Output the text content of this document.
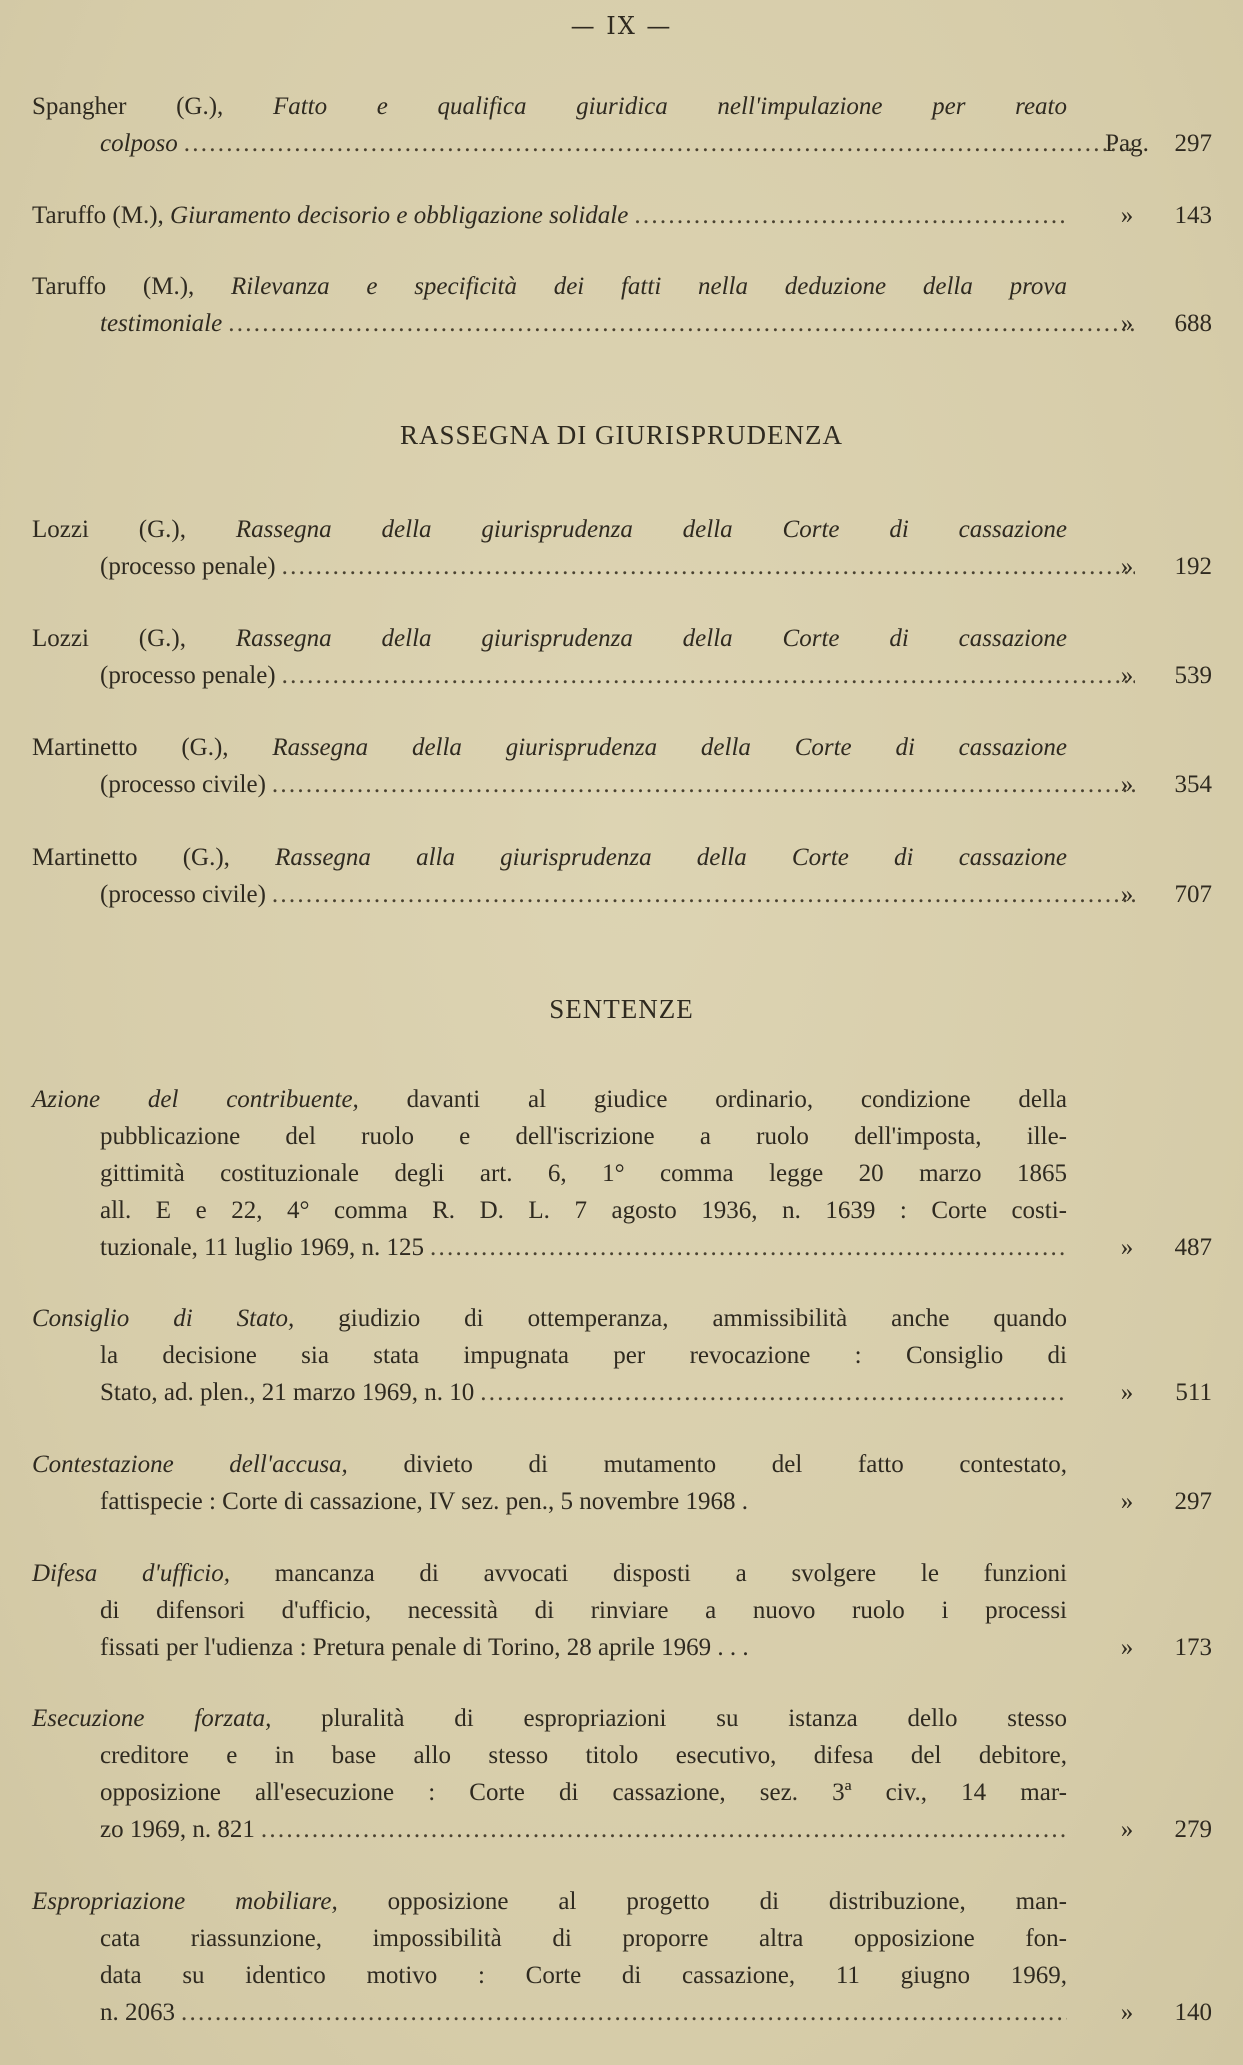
— IX —
Spangher (G.), Fatto e qualifica giuridica nell'impulazione per reato
colposo . . .	Pag. 297
Taruffo (M.), Giuramento decisorio e obbligazione solidale . . .	» 143
Taruffo (M.), Rilevanza e specificità dei fatti nella deduzione della prova
testimoniale . . .	» 688
RASSEGNA DI GIURISPRUDENZA
Lozzi (G.), Rassegna della giurisprudenza della Corte di cassazione
(processo penale) . . .	» 192
Lozzi (G.), Rassegna della giurisprudenza della Corte di cassazione
(processo penale) . . .	» 539
Martinetto (G.), Rassegna della giurisprudenza della Corte di cassazione
(processo civile) . . .	» 354
Martinetto (G.), Rassegna alla giurisprudenza della Corte di cassazione
(processo civile) . . .	» 707
SENTENZE
Azione del contribuente, davanti al giudice ordinario, condizione della
pubblicazione del ruolo e dell'iscrizione a ruolo dell'imposta, ille-
gittimità costituzionale degli art. 6, 1° comma legge 20 marzo 1865
all. E e 22, 4° comma R. D. L. 7 agosto 1936, n. 1639 : Corte costi-
tuzionale, 11 luglio 1969, n. 125 . . .	» 487
Consiglio di Stato, giudizio di ottemperanza, ammissibilità anche quando
la decisione sia stata impugnata per revocazione : Consiglio di
Stato, ad. plen., 21 marzo 1969, n. 10 . . .	» 511
Contestazione dell'accusa, divieto di mutamento del fatto contestato,
fattispecie : Corte di cassazione, IV sez. pen., 5 novembre 1968 .	» 297
Difesa d'ufficio, mancanza di avvocati disposti a svolgere le funzioni
di difensori d'ufficio, necessità di rinviare a nuovo ruolo i processi
fissati per l'udienza : Pretura penale di Torino, 28 aprile 1969 . . .	» 173
Esecuzione forzata, pluralità di espropriazioni su istanza dello stesso
creditore e in base allo stesso titolo esecutivo, difesa del debitore,
opposizione all'esecuzione : Corte di cassazione, sez. 3ª civ., 14 mar-
zo 1969, n. 821 . . .	» 279
Espropriazione mobiliare, opposizione al progetto di distribuzione, man-
cata riassunzione, impossibilità di proporre altra opposizione fon-
data su identico motivo : Corte di cassazione, 11 giugno 1969,
n. 2063 . . .	» 140
